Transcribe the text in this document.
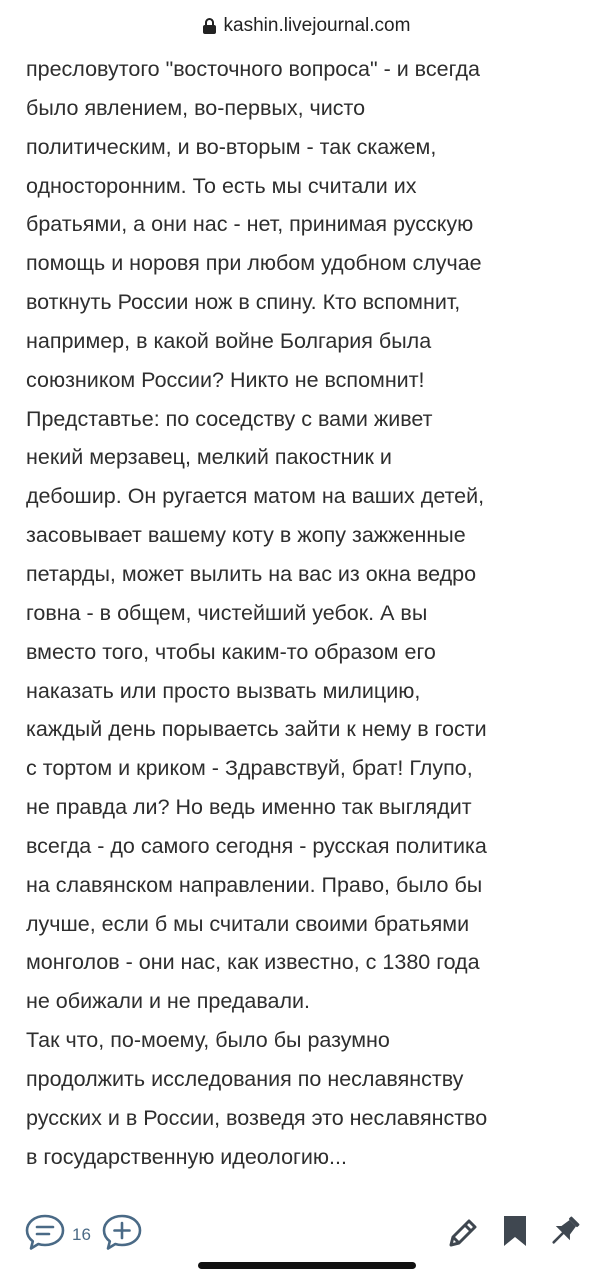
kashin.livejournal.com

пресловутого "восточного вопроса" - и всегда
было явлением, во-первых, чисто
политическим, и во-вторым - так скажем,
односторонним. То есть мы считали их
братьями, а они нас - нет, принимая русскую
помощь и норовя при любом удобном случае
воткнуть России нож в спину. Кто вспомнит,
например, в какой войне Болгария была
союзником России? Никто не вспомнит!
Представтье: по соседству с вами живет
некий мерзавец, мелкий пакостник и
дебошир. Он ругается матом на ваших детей,
засовывает вашему коту в жопу зажженные
петарды, может вылить на вас из окна ведро
говна - в общем, чистейший уебок. А вы
вместо того, чтобы каким-то образом его
наказать или просто вызвать милицию,
каждый день порываетсь зайти к нему в гости
с тортом и криком - Здравствуй, брат! Глупо,
не правда ли? Но ведь именно так выглядит
всегда - до самого сегодня - русская политика
на славянском направлении. Право, было бы
лучше, если б мы считали своими братьями
монголов - они нас, как известно, с 1380 года
не обижали и не предавали.
Так что, по-моему, было бы разумно
продолжить исследования по неславянству
русских и в России, возведя это неславянство
в государственную идеологию...

16
